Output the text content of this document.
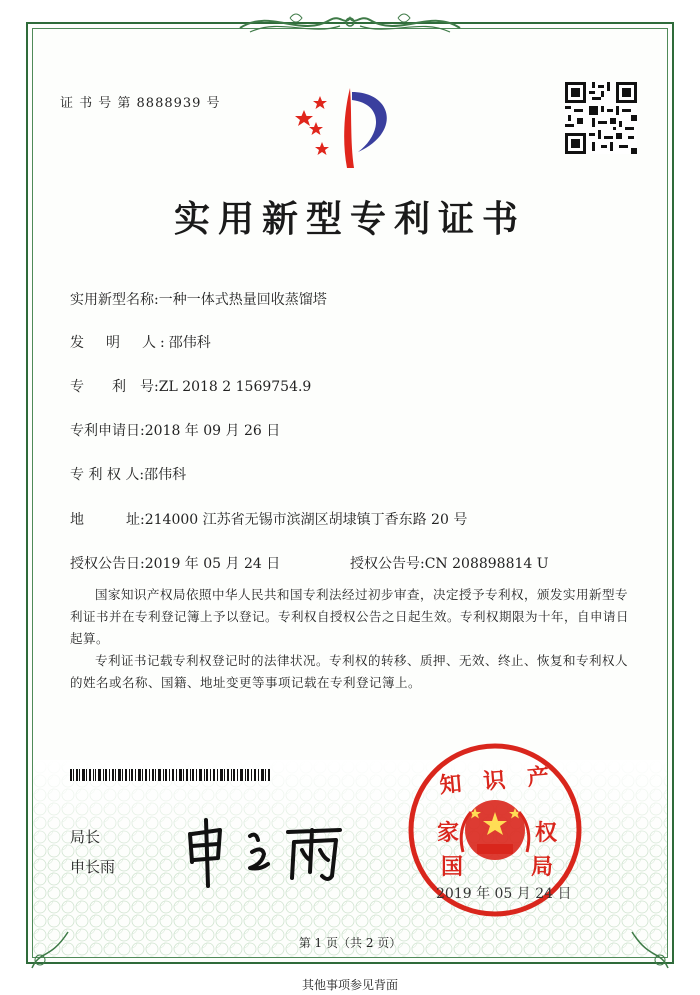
证 书 号 第 8888939 号
实用新型专利证书
实用新型名称:一种一体式热量回收蒸馏塔
发　明　人:邵伟科
专　　利　号:ZL 2018 2 1569754.9
专利申请日:2018 年 09 月 26 日
专 利 权 人:邵伟科
地　　　址:214000 江苏省无锡市滨湖区胡埭镇丁香东路 20 号
授权公告日:2019 年 05 月 24 日	授权公告号:CN 208898814 U

国家知识产权局依照中华人民共和国专利法经过初步审查，决定授予专利权，颁发实用新型专利证书并在专利登记簿上予以登记。专利权自授权公告之日起生效。专利权期限为十年，自申请日起算。

专利证书记载专利权登记时的法律状况。专利权的转移、质押、无效、终止、恢复和专利权人的姓名或名称、国籍、地址变更等事项记载在专利登记簿上。

局长
申长雨
知　识　产
家	权
国	局
2019 年 05 月 24 日
第 1 页（共 2 页）
其他事项参见背面
